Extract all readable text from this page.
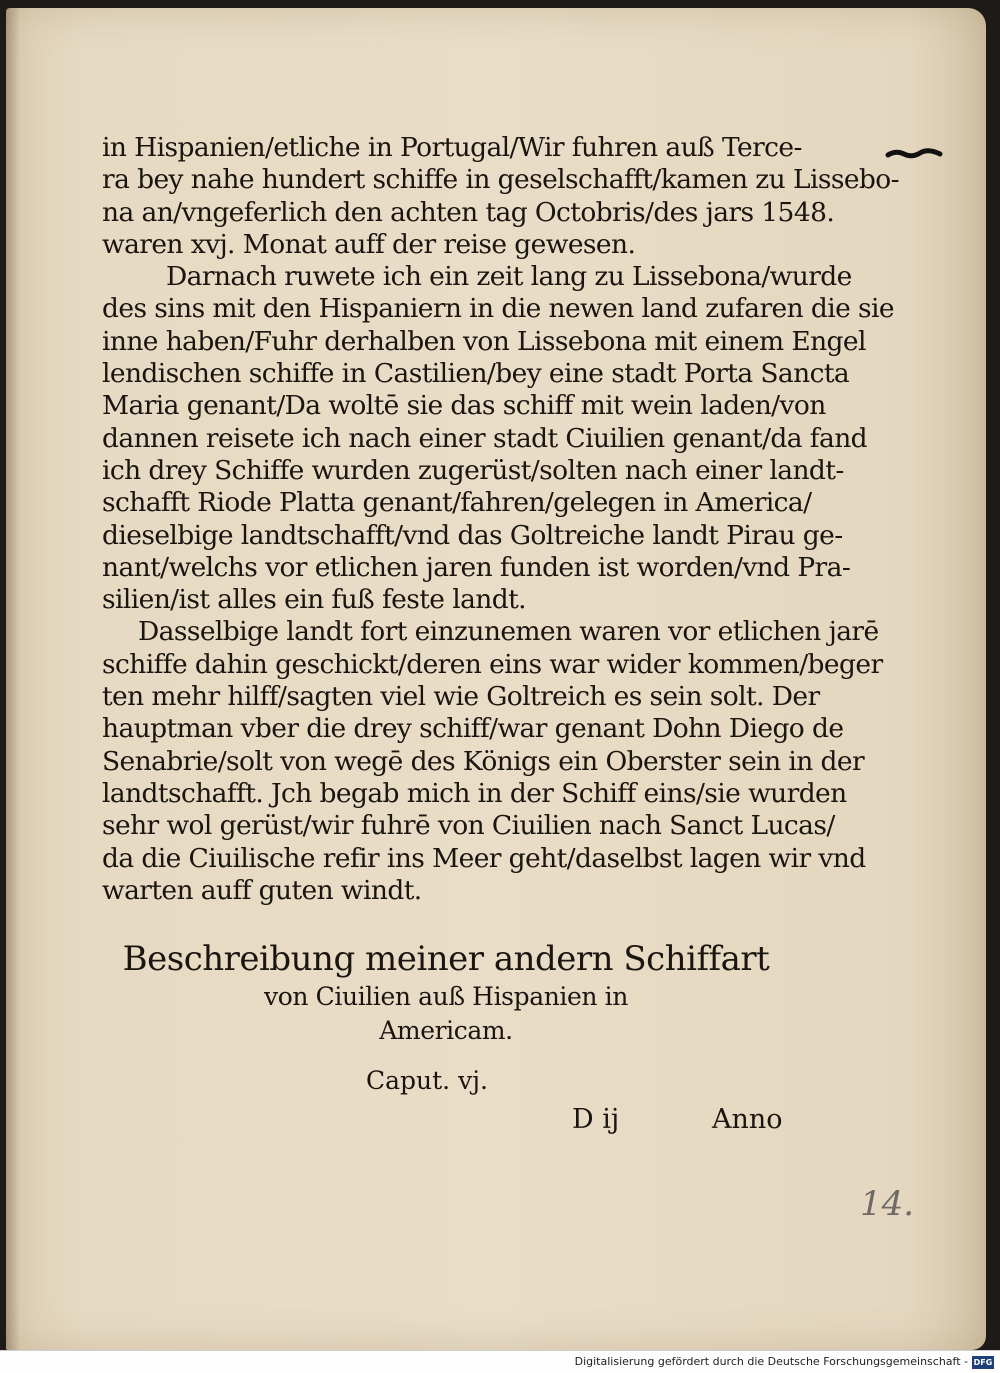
in Hispanien/etliche in Portugal/Wir fuhren auß Terce-
ra bey nahe hundert schiffe in geselschafft/kamen zu Lissebo-
na an/vngeferlich den achten tag Octobris/des jars 1548.
waren xvj. Monat auff der reise gewesen.
Darnach ruwete ich ein zeit lang zu Lissebona/wurde
des sins mit den Hispaniern in die newen land zufaren die sie
inne haben/Fuhr derhalben von Lissebona mit einem Engel
lendischen schiffe in Castilien/bey eine stadt Porta Sancta
Maria genant/Da woltē sie das schiff mit wein laden/von
dannen reisete ich nach einer stadt Ciuilien genant/da fand
ich drey Schiffe wurden zugerüst/solten nach einer landt-
schafft Riode Platta genant/fahren/gelegen in America/
dieselbige landtschafft/vnd das Goltreiche landt Pirau ge-
nant/welchs vor etlichen jaren funden ist worden/vnd Pra-
silien/ist alles ein fuß feste landt.
Dasselbige landt fort einzunemen waren vor etlichen jarē
schiffe dahin geschickt/deren eins war wider kommen/beger
ten mehr hilff/sagten viel wie Goltreich es sein solt. Der
hauptman vber die drey schiff/war genant Dohn Diego de
Senabrie/solt von wegē des Königs ein Oberster sein in der
landtschafft. Jch begab mich in der Schiff eins/sie wurden
sehr wol gerüst/wir fuhrē von Ciuilien nach Sanct Lucas/
da die Ciuilische refir ins Meer geht/daselbst lagen wir vnd
warten auff guten windt.
Beschreibung meiner andern Schiffart
von Ciuilien auß Hispanien in
Americam.
Caput. vj.
D ij	Anno
14.
Digitalisierung gefördert durch die Deutsche Forschungsgemeinschaft - DFG
